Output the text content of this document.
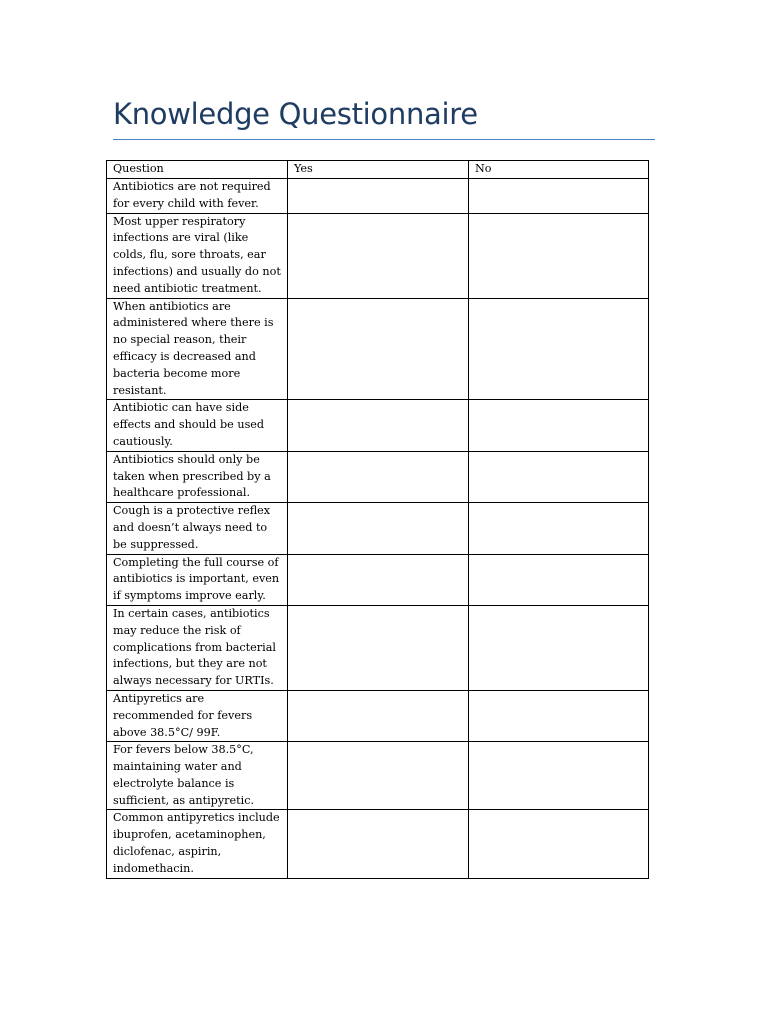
Knowledge Questionnaire
Question	Yes	No
Antibiotics are not required for every child with fever.		
Most upper respiratory infections are viral (like colds, flu, sore throats, ear infections) and usually do not need antibiotic treatment.		
When antibiotics are administered where there is no special reason, their efficacy is decreased and bacteria become more resistant.		
Antibiotic can have side effects and should be used cautiously.		
Antibiotics should only be taken when prescribed by a healthcare professional.		
Cough is a protective reflex and doesn’t always need to be suppressed.		
Completing the full course of antibiotics is important, even if symptoms improve early.		
In certain cases, antibiotics may reduce the risk of complications from bacterial infections, but they are not always necessary for URTIs.		
Antipyretics are recommended for fevers above 38.5°C/ 99F.		
For fevers below 38.5°C, maintaining water and electrolyte balance is sufficient, as antipyretic.		
Common antipyretics include ibuprofen, acetaminophen, diclofenac, aspirin, indomethacin.		
